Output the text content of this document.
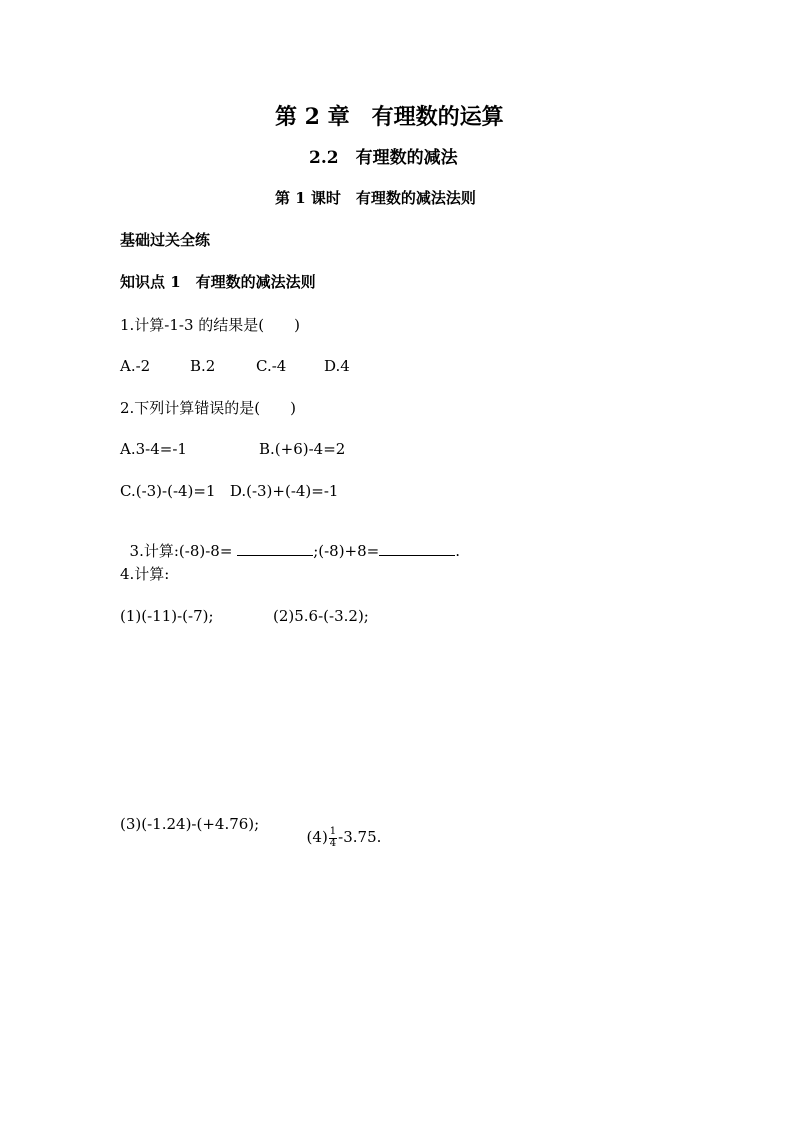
第 2 章　有理数的运算
2.2　有理数的减法
第 1 课时　有理数的减法法则
基础过关全练
知识点 1　有理数的减法法则
1.计算-1-3 的结果是(　　)
A.-2	B.2	C.-4	D.4
2.下列计算错误的是(　　)
A.3-4=-1	B.(+6)-4=2
C.(-3)-(-4)=1   D.(-3)+(-4)=-1

3.计算:(-8)-8=	;(-8)+8=	.

4.计算:
(1)(-11)-(-7);	(2)5.6-(-3.2);
(3)(-1.24)-(+4.76);

$(4) \frac{1}{4} -3.75$.
